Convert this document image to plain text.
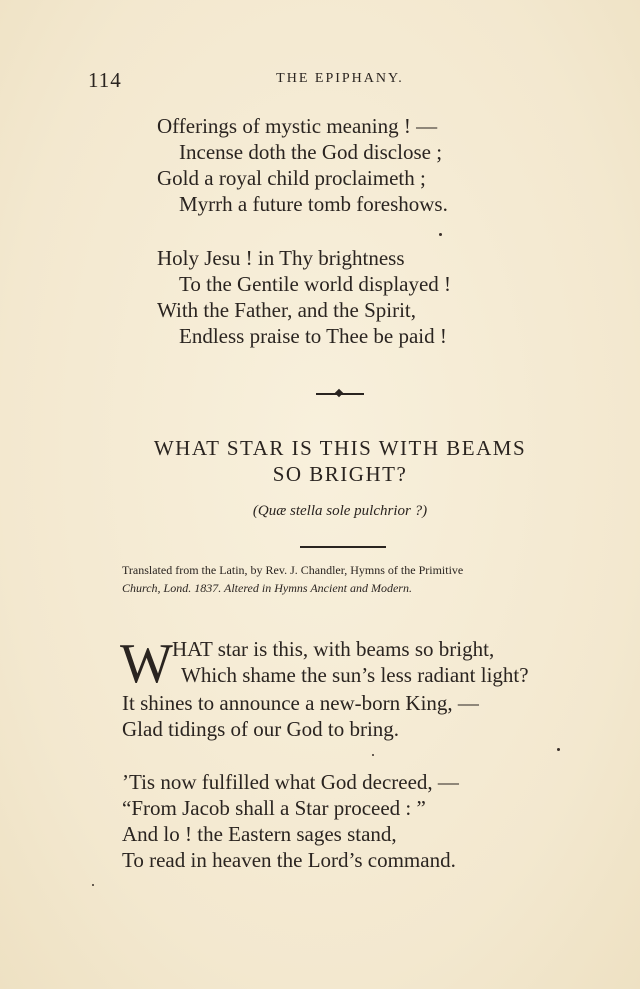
114	THE EPIPHANY.
Offerings of mystic meaning ! —
Incense doth the God disclose ;
Gold a royal child proclaimeth ;
Myrrh a future tomb foreshows.
Holy Jesu ! in Thy brightness
To the Gentile world displayed !
With the Father, and the Spirit,
Endless praise to Thee be paid !
WHAT STAR IS THIS WITH BEAMS
SO BRIGHT?
(Quæ stella sole pulchrior ?)
Translated from the Latin, by Rev. J. Chandler, Hymns of the Primitive
Church, Lond. 1837. Altered in Hymns Ancient and Modern.
W HAT star is this, with beams so bright,
Which shame the sun’s less radiant light?
It shines to announce a new-born King, —
Glad tidings of our God to bring.
’Tis now fulfilled what God decreed, —
“From Jacob shall a Star proceed : ”
And lo ! the Eastern sages stand,
To read in heaven the Lord’s command.
